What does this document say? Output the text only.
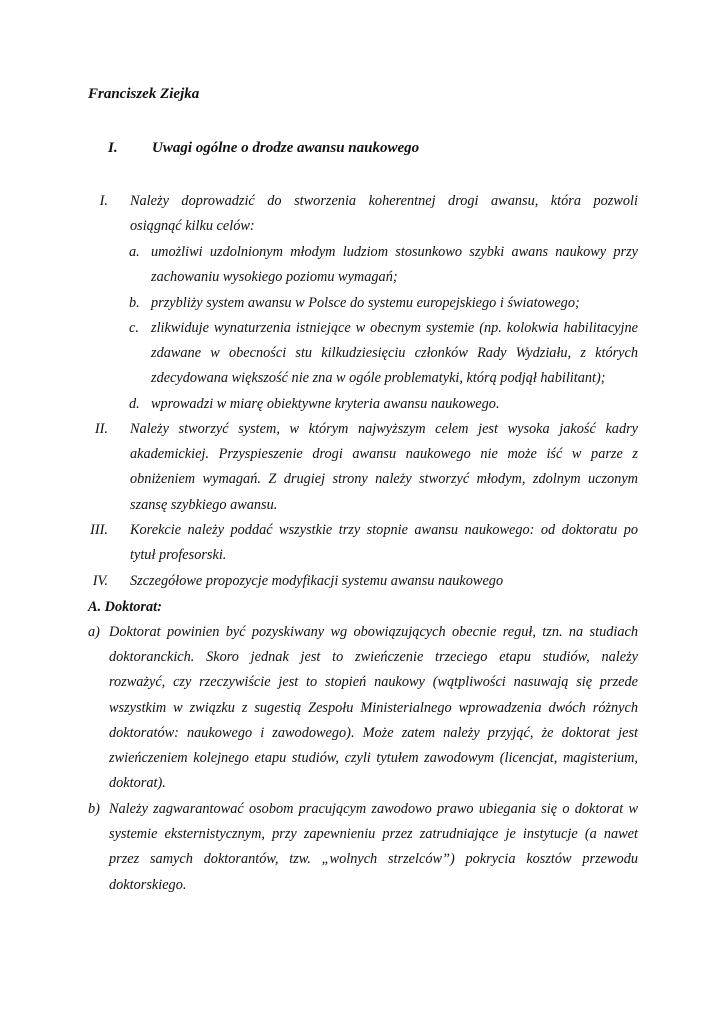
Franciszek Ziejka
I. Uwagi ogólne o drodze awansu naukowego
I. Należy doprowadzić do stworzenia koherentnej drogi awansu, która pozwoli

osiągnąć kilku celów:

a. umożliwi uzdolnionym młodym ludziom stosunkowo szybki awans naukowy przy

zachowaniu wysokiego poziomu wymagań;

b. przybliży system awansu w Polsce do systemu europejskiego i światowego;

c. zlikwiduje wynaturzenia istniejące w obecnym systemie (np. kolokwia habilitacyjne

zdawane w obecności stu kilkudziesięciu członków Rady Wydziału, z których

zdecydowana większość nie zna w ogóle problematyki, którą podjął habilitant);

d. wprowadzi w miarę obiektywne kryteria awansu naukowego.

II. Należy stworzyć system, w którym najwyższym celem jest wysoka jakość kadry

akademickiej. Przyspieszenie drogi awansu naukowego nie może iść w parze z

obniżeniem wymagań. Z drugiej strony należy stworzyć młodym, zdolnym uczonym

szansę szybkiego awansu.

III. Korekcie należy poddać wszystkie trzy stopnie awansu naukowego: od doktoratu po

tytuł profesorski.

IV. Szczegółowe propozycje modyfikacji systemu awansu naukowego

A. Doktorat:
a) Doktorat powinien być pozyskiwany wg obowiązujących obecnie reguł, tzn. na studiach

doktoranckich. Skoro jednak jest to zwieńczenie trzeciego etapu studiów, należy

rozważyć, czy rzeczywiście jest to stopień naukowy (wątpliwości nasuwają się przede

wszystkim w związku z sugestią Zespołu Ministerialnego wprowadzenia dwóch różnych

doktoratów: naukowego i zawodowego). Może zatem należy przyjąć, że doktorat jest

zwieńczeniem kolejnego etapu studiów, czyli tytułem zawodowym (licencjat, magisterium,

doktorat).

b) Należy zagwarantować osobom pracującym zawodowo prawo ubiegania się o doktorat w

systemie eksternistycznym, przy zapewnieniu przez zatrudniające je instytucje (a nawet

przez samych doktorantów, tzw. „wolnych strzelców”) pokrycia kosztów przewodu

doktorskiego.
